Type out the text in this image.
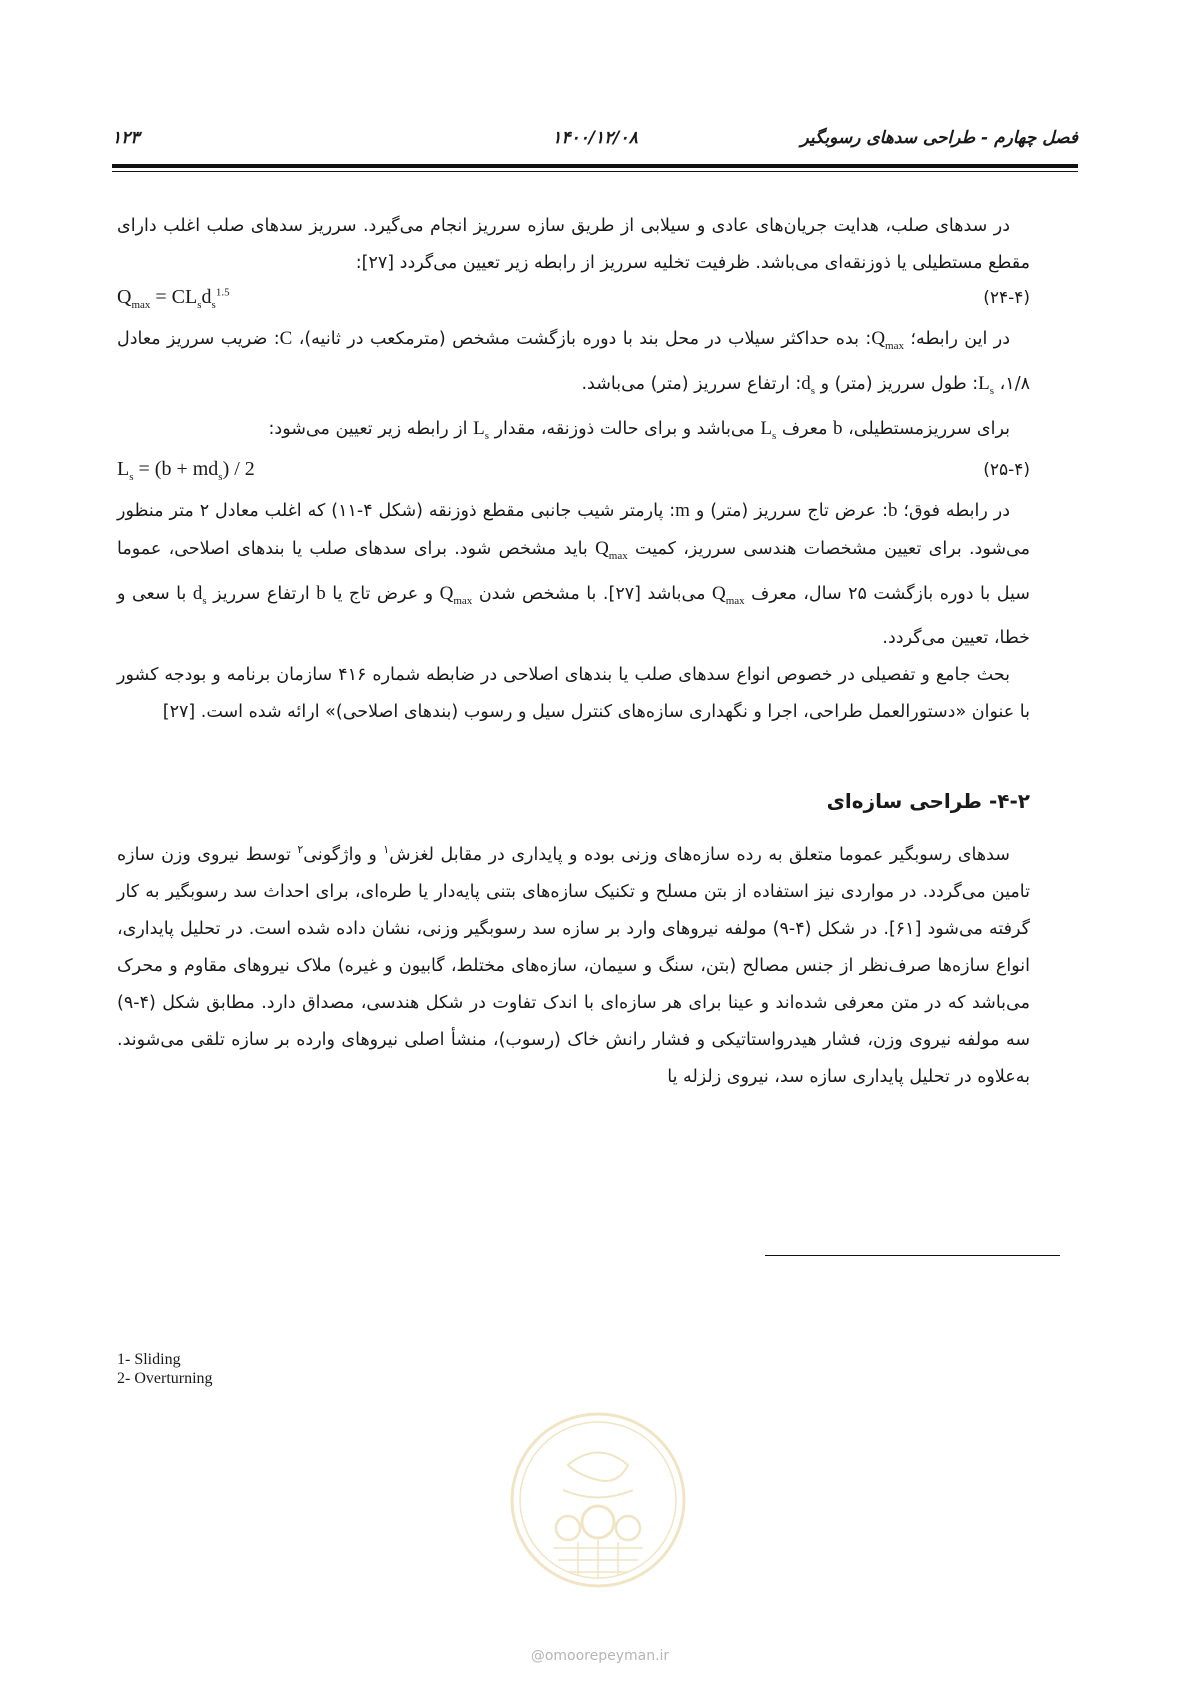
فصل چهارم - طراحی سدهای رسوبگیر
۱۴۰۰/۱۲/۰۸
۱۲۳

در سدهای صلب، هدایت جریان‌های عادی و سیلابی از طریق سازه سرریز انجام می‌گیرد. سرریز سدهای صلب اغلب دارای مقطع مستطیلی یا ذوزنقه‌ای می‌باشد. ظرفیت تخلیه سرریز از رابطه زیر تعیین می‌گردد [۲۷]:

$Q_{max} = CL_sd_s^{1.5}$	(۲۴-۴)

در این رابطه؛ $Q_{max}$: بده حداکثر سیلاب در محل بند با دوره بازگشت مشخص (مترمکعب در ثانیه)، C: ضریب سرریز معادل ۱/۸، $L_s$: طول سرریز (متر) و $d_s$: ارتفاع سرریز (متر) می‌باشد.

برای سرریزمستطیلی، b معرف $L_s$ می‌باشد و برای حالت ذوزنقه، مقدار $L_s$ از رابطه زیر تعیین می‌شود:

$L_s = (b + md_s) / 2$	(۲۵-۴)

در رابطه فوق؛ b: عرض تاج سرریز (متر) و m: پارمتر شیب جانبی مقطع ذوزنقه (شکل ۴-۱۱) که اغلب معادل ۲ متر منظور می‌شود. برای تعیین مشخصات هندسی سرریز، کمیت $Q_{max}$ باید مشخص شود. برای سدهای صلب یا بندهای اصلاحی، عموما سیل با دوره بازگشت ۲۵ سال، معرف $Q_{max}$ می‌باشد [۲۷]. با مشخص شدن $Q_{max}$ و عرض تاج یا b ارتفاع سرریز $d_s$ با سعی و خطا، تعیین می‌گردد.

بحث جامع و تفصیلی در خصوص انواع سدهای صلب یا بندهای اصلاحی در ضابطه شماره ۴۱۶ سازمان برنامه و بودجه کشور با عنوان «دستورالعمل طراحی، اجرا و نگهداری سازه‌های کنترل سیل و رسوب (بندهای اصلاحی)» ارائه شده است. [۲۷]

۴-۲- طراحی سازه‌ای

سدهای رسوبگیر عموما متعلق به رده سازه‌های وزنی بوده و پایداری در مقابل لغزش$^۱$ و واژگونی$^۲$ توسط نیروی وزن سازه تامین می‌گردد. در مواردی نیز استفاده از بتن مسلح و تکنیک سازه‌های بتنی پایه‌دار یا طره‌ای، برای احداث سد رسوبگیر به کار گرفته می‌شود [۶۱]. در شکل (۴-۹) مولفه نیروهای وارد بر سازه سد رسوبگیر وزنی، نشان داده شده است. در تحلیل پایداری، انواع سازه‌ها صرف‌نظر از جنس مصالح (بتن، سنگ و سیمان، سازه‌های مختلط، گابیون و غیره) ملاک نیروهای مقاوم و محرک می‌باشد که در متن معرفی شده‌اند و عینا برای هر سازه‌ای با اندک تفاوت در شکل هندسی، مصداق دارد. مطابق شکل (۴-۹) سه مولفه نیروی وزن، فشار هیدرواستاتیکی و فشار رانش خاک (رسوب)، منشأ اصلی نیروهای وارده بر سازه تلقی می‌شوند. به‌علاوه در تحلیل پایداری سازه سد، نیروی زلزله یا

1- Sliding
2- Overturning
@omoorepeyman.ir
